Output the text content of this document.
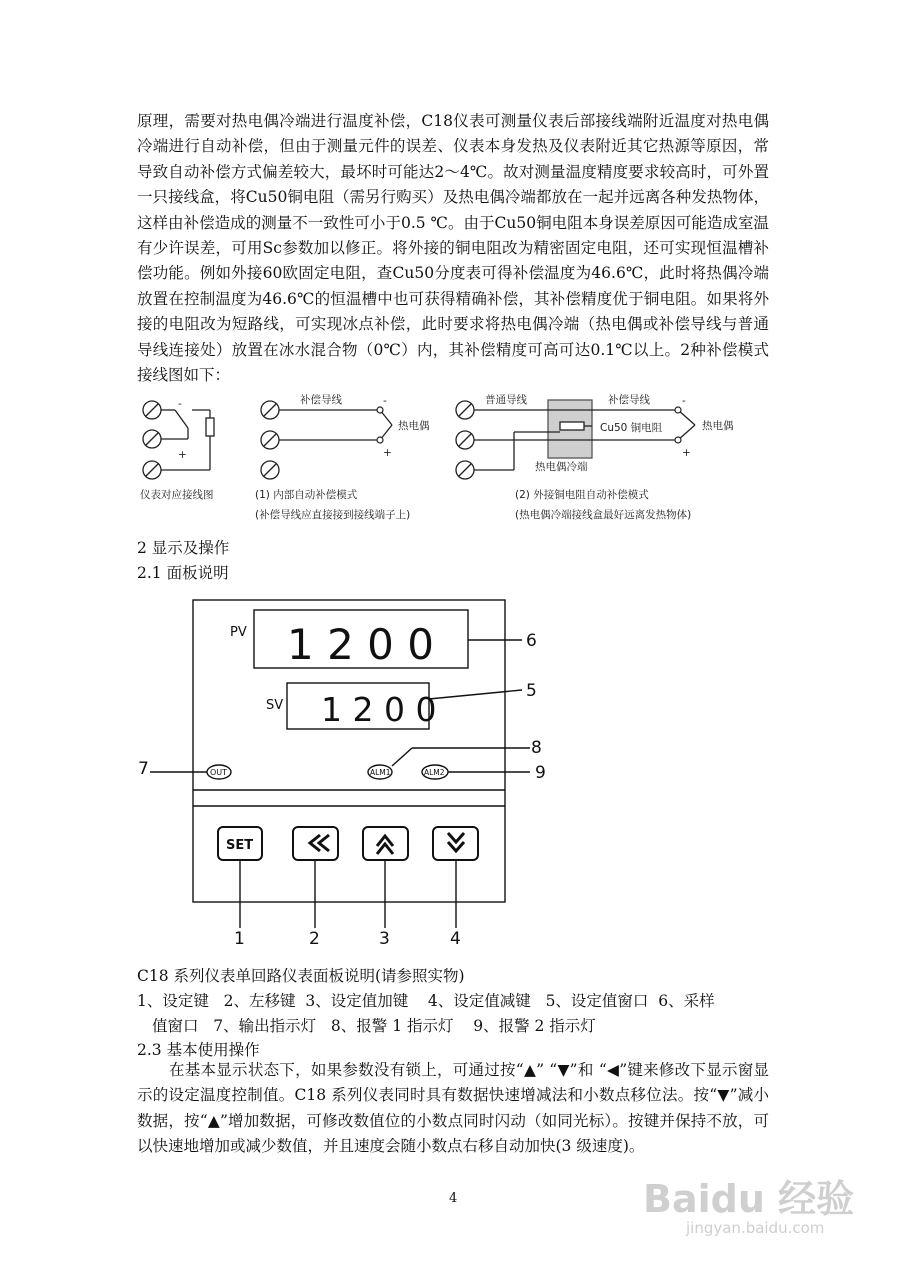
原理，需要对热电偶冷端进行温度补偿，C18仪表可测量仪表后部接线端附近温度对热电偶冷端进行自动补偿，但由于测量元件的误差、仪表本身发热及仪表附近其它热源等原因，常导致自动补偿方式偏差较大，最坏时可能达2～4℃。故对测量温度精度要求较高时，可外置一只接线盒，将Cu50铜电阻（需另行购买）及热电偶冷端都放在一起并远离各种发热物体，这样由补偿造成的测量不一致性可小于0.5 ℃。由于Cu50铜电阻本身误差原因可能造成室温有少许误差，可用Sc参数加以修正。将外接的铜电阻改为精密固定电阻，还可实现恒温槽补偿功能。例如外接60欧固定电阻，查Cu50分度表可得补偿温度为46.6℃，此时将热偶冷端放置在控制温度为46.6℃的恒温槽中也可获得精确补偿，其补偿精度优于铜电阻。如果将外接的电阻改为短路线，可实现冰点补偿，此时要求将热电偶冷端（热电偶或补偿导线与普通导线连接处）放置在冰水混合物（0℃）内，其补偿精度可高可达0.1℃以上。2种补偿模式接线图如下：

-
+
仪表对应接线图
补偿导线	-
+
热电偶
(1) 内部自动补偿模式
(补偿导线应直接接到接线端子上)
普通导线	补偿导线
Cu50 铜电阻
-
+
热电偶
热电偶冷端
(2) 外接铜电阻自动补偿模式
(热电偶冷端接线盒最好远离发热物体)
2 显示及操作
2.1 面板说明
PV 1 2 0 0
SV 1 2 0 0
OUT	ALM1	ALM2
SET
6
5
8
9
7
1	2	3	4
C18 系列仪表单回路仪表面板说明(请参照实物)
1、设定键   2、左移键  3、设定值加键    4、设定值减键   5、设定值窗口  6、采样
值窗口   7、输出指示灯   8、报警 1 指示灯    9、报警 2 指示灯
2.3 基本使用操作

在基本显示状态下，如果参数没有锁上，可通过按“▲” “▼”和 “◀”键来修改下显示窗显示的设定温度控制值。C18 系列仪表同时具有数据快速增减法和小数点移位法。按“▼”减小数据，按“▲”增加数据，可修改数值位的小数点同时闪动（如同光标）。按键并保持不放，可以快速地增加或减少数值，并且速度会随小数点右移自动加快(3 级速度)。

4	Baidu 经验
jingyan.baidu.com
